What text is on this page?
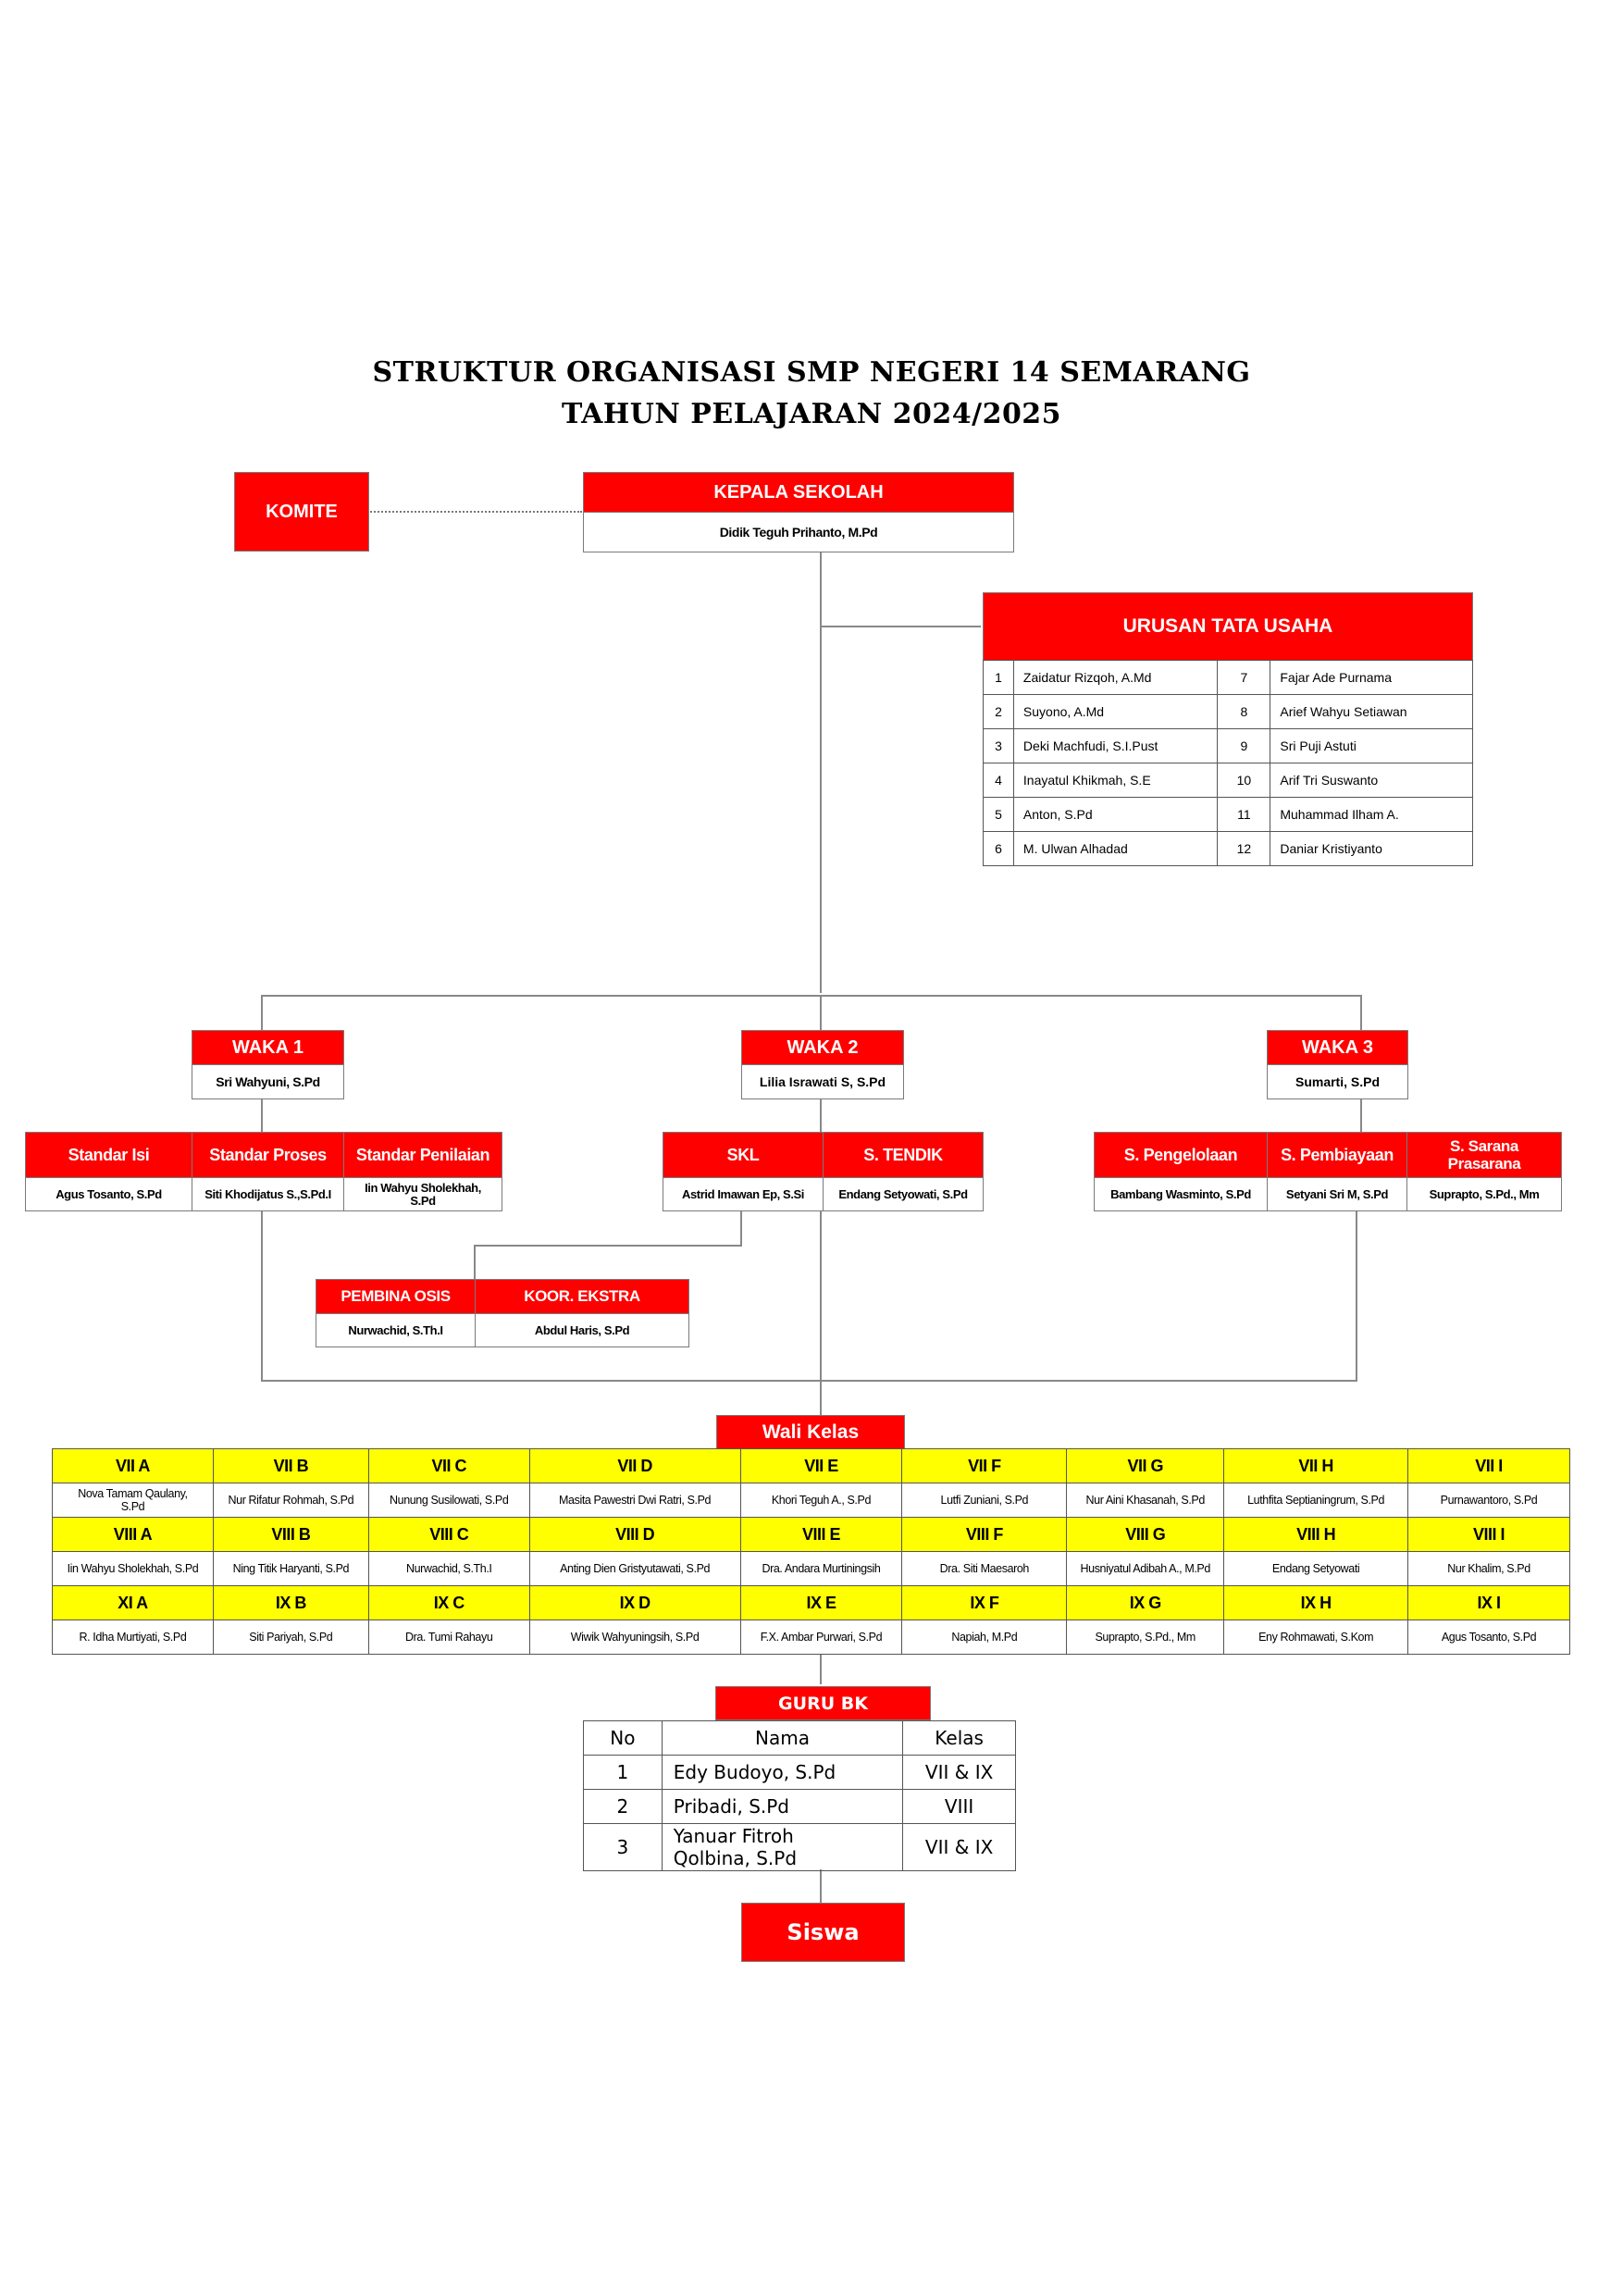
STRUKTUR ORGANISASI SMP NEGERI 14 SEMARANG
TAHUN PELAJARAN 2024/2025
KOMITE
KEPALA SEKOLAH
Didik Teguh Prihanto, M.Pd
URUSAN TATA USAHA
1	Zaidatur Rizqoh, A.Md	7	Fajar Ade Purnama
2	Suyono, A.Md	8	Arief Wahyu Setiawan
3	Deki Machfudi, S.I.Pust	9	Sri Puji Astuti
4	Inayatul Khikmah, S.E	10	Arif Tri Suswanto
5	Anton, S.Pd	11	Muhammad Ilham A.
6	M. Ulwan Alhadad	12	Daniar Kristiyanto
WAKA 1
Sri Wahyuni, S.Pd
Standar Isi
Agus Tosanto, S.Pd
Standar Proses
Siti Khodijatus S.,S.Pd.I
Standar Penilaian
Iin Wahyu Sholekhah, S.Pd
WAKA 2
Lilia Israwati S, S.Pd
SKL
Astrid Imawan Ep, S.Si
S. TENDIK
Endang Setyowati, S.Pd
WAKA 3
Sumarti, S.Pd
S. Pengelolaan
Bambang Wasminto, S.Pd
S. Pembiayaan
Setyani Sri M, S.Pd
S. Sarana Prasarana
Suprapto, S.Pd., Mm
PEMBINA OSIS
Nurwachid, S.Th.I
KOOR. EKSTRA
Abdul Haris, S.Pd
Wali Kelas
VII A	VII B	VII C	VII D	VII E	VII F	VII G	VII H	VII I
Nova Tamam Qaulany, S.Pd	Nur Rifatur Rohmah, S.Pd	Nunung Susilowati, S.Pd	Masita Pawestri Dwi Ratri, S.Pd	Khori Teguh A., S.Pd	Lutfi Zuniani, S.Pd	Nur Aini Khasanah, S.Pd	Luthfita Septianingrum, S.Pd	Purnawantoro, S.Pd
VIII A	VIII B	VIII C	VIII D	VIII E	VIII F	VIII G	VIII H	VIII I
Iin Wahyu Sholekhah, S.Pd	Ning Titik Haryanti, S.Pd	Nurwachid, S.Th.I	Anting Dien Gristyutawati, S.Pd	Dra. Andara Murtiningsih	Dra. Siti Maesaroh	Husniyatul Adibah A., M.Pd	Endang Setyowati	Nur Khalim, S.Pd
XI A	IX B	IX C	IX D	IX E	IX F	IX G	IX H	IX I
R. Idha Murtiyati, S.Pd	Siti Pariyah, S.Pd	Dra. Tumi Rahayu	Wiwik Wahyuningsih, S.Pd	F.X. Ambar Purwari, S.Pd	Napiah, M.Pd	Suprapto, S.Pd., Mm	Eny Rohmawati, S.Kom	Agus Tosanto, S.Pd
GURU BK
No	Nama	Kelas
1	Edy Budoyo, S.Pd	VII & IX
2	Pribadi, S.Pd	VIII
3	Yanuar Fitroh Qolbina, S.Pd	VII & IX
Siswa
